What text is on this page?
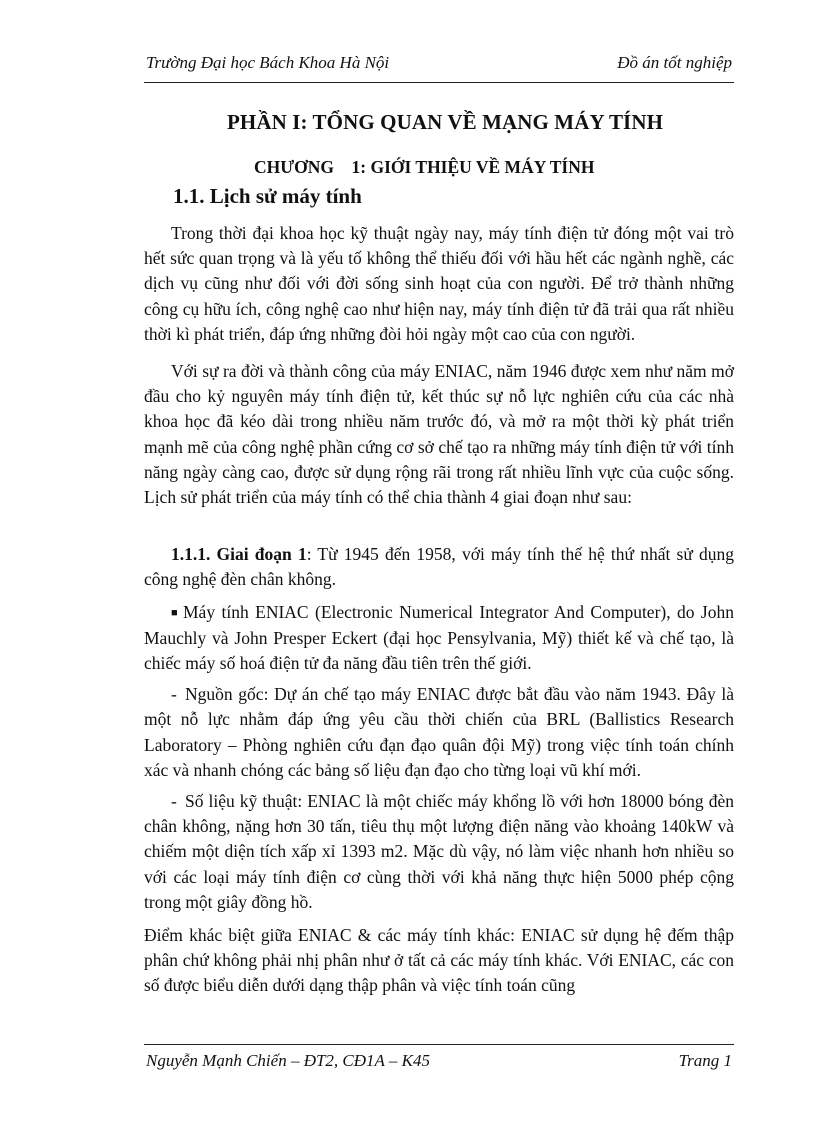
Trường Đại học Bách Khoa Hà Nội	Đồ án tốt nghiệp
PHẦN I: TỔNG QUAN VỀ MẠNG MÁY TÍNH
CHƯƠNG    1: GIỚI THIỆU VỀ MÁY TÍNH
1.1. Lịch sử máy tính

Trong thời đại khoa học kỹ thuật ngày nay, máy tính điện tử đóng một vai trò hết sức quan trọng và là yếu tố không thể thiếu đối với hầu hết các ngành nghề, các dịch vụ cũng như đối với đời sống sinh hoạt của con người. Để trở thành những công cụ hữu ích, công nghệ cao như hiện nay, máy tính điện tử đã trải qua rất nhiều thời kì phát triển, đáp ứng những đòi hỏi ngày một cao của con người.

Với sự ra đời và thành công của máy ENIAC, năm 1946 được xem như năm mở đầu cho kỷ nguyên máy tính điện tử, kết thúc sự nỗ lực nghiên cứu của các nhà khoa học đã kéo dài trong nhiều năm trước đó, và mở ra một thời kỳ phát triển mạnh mẽ của công nghệ phần cứng cơ sở chế tạo ra những máy tính điện tử với tính năng ngày càng cao, được sử dụng rộng rãi trong rất nhiều lĩnh vực của cuộc sống. Lịch sử phát triển của máy tính có thể chia thành 4 giai đoạn như sau:

1.1.1. Giai đoạn 1: Từ 1945 đến 1958, với máy tính thế hệ thứ nhất sử dụng công nghệ đèn chân không.

■ Máy tính ENIAC (Electronic Numerical Integrator And Computer), do John Mauchly và John Presper Eckert (đại học Pensylvania, Mỹ) thiết kế và chế tạo, là chiếc máy số hoá điện tử đa năng đầu tiên trên thế giới.

- Nguồn gốc: Dự án chế tạo máy ENIAC được bắt đầu vào năm 1943. Đây là một nỗ lực nhằm đáp ứng yêu cầu thời chiến của BRL (Ballistics Research Laboratory – Phòng nghiên cứu đạn đạo quân đội Mỹ) trong việc tính toán chính xác và nhanh chóng các bảng số liệu đạn đạo cho từng loại vũ khí mới.

- Số liệu kỹ thuật: ENIAC là một chiếc máy khổng lồ với hơn 18000 bóng đèn chân không, nặng hơn 30 tấn, tiêu thụ một lượng điện năng vào khoảng 140kW và chiếm một diện tích xấp xỉ 1393 m2. Mặc dù vậy, nó làm việc nhanh hơn nhiều so với các loại máy tính điện cơ cùng thời với khả năng thực hiện 5000 phép cộng trong một giây đồng hồ.

Điểm khác biệt giữa ENIAC & các máy tính khác: ENIAC sử dụng hệ đếm thập phân chứ không phải nhị phân như ở tất cả các máy tính khác. Với ENIAC, các con số được biểu diễn dưới dạng thập phân và việc tính toán cũng

Nguyễn Mạnh Chiến – ĐT2, CĐ1A – K45	Trang 1
